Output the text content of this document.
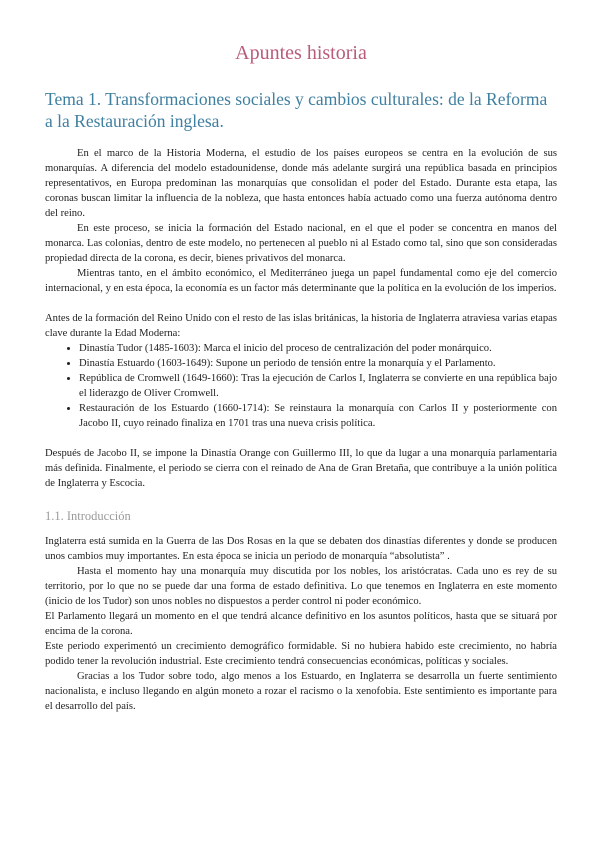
Apuntes historia
Tema 1. Transformaciones sociales y cambios culturales: de la Reforma a la Restauración inglesa.

En el marco de la Historia Moderna, el estudio de los países europeos se centra en la evolución de sus monarquías. A diferencia del modelo estadounidense, donde más adelante surgirá una república basada en principios representativos, en Europa predominan las monarquías que consolidan el poder del Estado. Durante esta etapa, las coronas buscan limitar la influencia de la nobleza, que hasta entonces había actuado como una fuerza autónoma dentro del reino.

En este proceso, se inicia la formación del Estado nacional, en el que el poder se concentra en manos del monarca. Las colonias, dentro de este modelo, no pertenecen al pueblo ni al Estado como tal, sino que son consideradas propiedad directa de la corona, es decir, bienes privativos del monarca.

Mientras tanto, en el ámbito económico, el Mediterráneo juega un papel fundamental como eje del comercio internacional, y en esta época, la economía es un factor más determinante que la política en la evolución de los imperios.

Antes de la formación del Reino Unido con el resto de las islas británicas, la historia de Inglaterra atraviesa varias etapas clave durante la Edad Moderna:

• Dinastía Tudor (1485-1603): Marca el inicio del proceso de centralización del poder monárquico.
• Dinastía Estuardo (1603-1649): Supone un periodo de tensión entre la monarquía y el Parlamento.
• República de Cromwell (1649-1660): Tras la ejecución de Carlos I, Inglaterra se convierte en una república bajo el liderazgo de Oliver Cromwell.
• Restauración de los Estuardo (1660-1714): Se reinstaura la monarquía con Carlos II y posteriormente con Jacobo II, cuyo reinado finaliza en 1701 tras una nueva crisis política.

Después de Jacobo II, se impone la Dinastía Orange con Guillermo III, lo que da lugar a una monarquía parlamentaria más definida. Finalmente, el periodo se cierra con el reinado de Ana de Gran Bretaña, que contribuye a la unión política de Inglaterra y Escocia.

1.1. Introducción

Inglaterra está sumida en la Guerra de las Dos Rosas en la que se debaten dos dinastías diferentes y donde se producen unos cambios muy importantes. En esta época se inicia un periodo de monarquía “absolutista” .

Hasta el momento hay una monarquía muy discutida por los nobles, los aristócratas. Cada uno es rey de su territorio, por lo que no se puede dar una forma de estado definitiva. Lo que tenemos en Inglaterra en este momento (inicio de los Tudor) son unos nobles no dispuestos a perder control ni poder económico.

El Parlamento llegará un momento en el que tendrá alcance definitivo en los asuntos políticos, hasta que se situará por encima de la corona.

Este periodo experimentó un crecimiento demográfico formidable. Si no hubiera habido este crecimiento, no habría podido tener la revolución industrial. Este crecimiento tendrá consecuencias económicas, políticas y sociales.

Gracias a los Tudor sobre todo, algo menos a los Estuardo, en Inglaterra se desarrolla un fuerte sentimiento nacionalista, e incluso llegando en algún moneto a rozar el racismo o la xenofobia. Este sentimiento es importante para el desarrollo del país.
